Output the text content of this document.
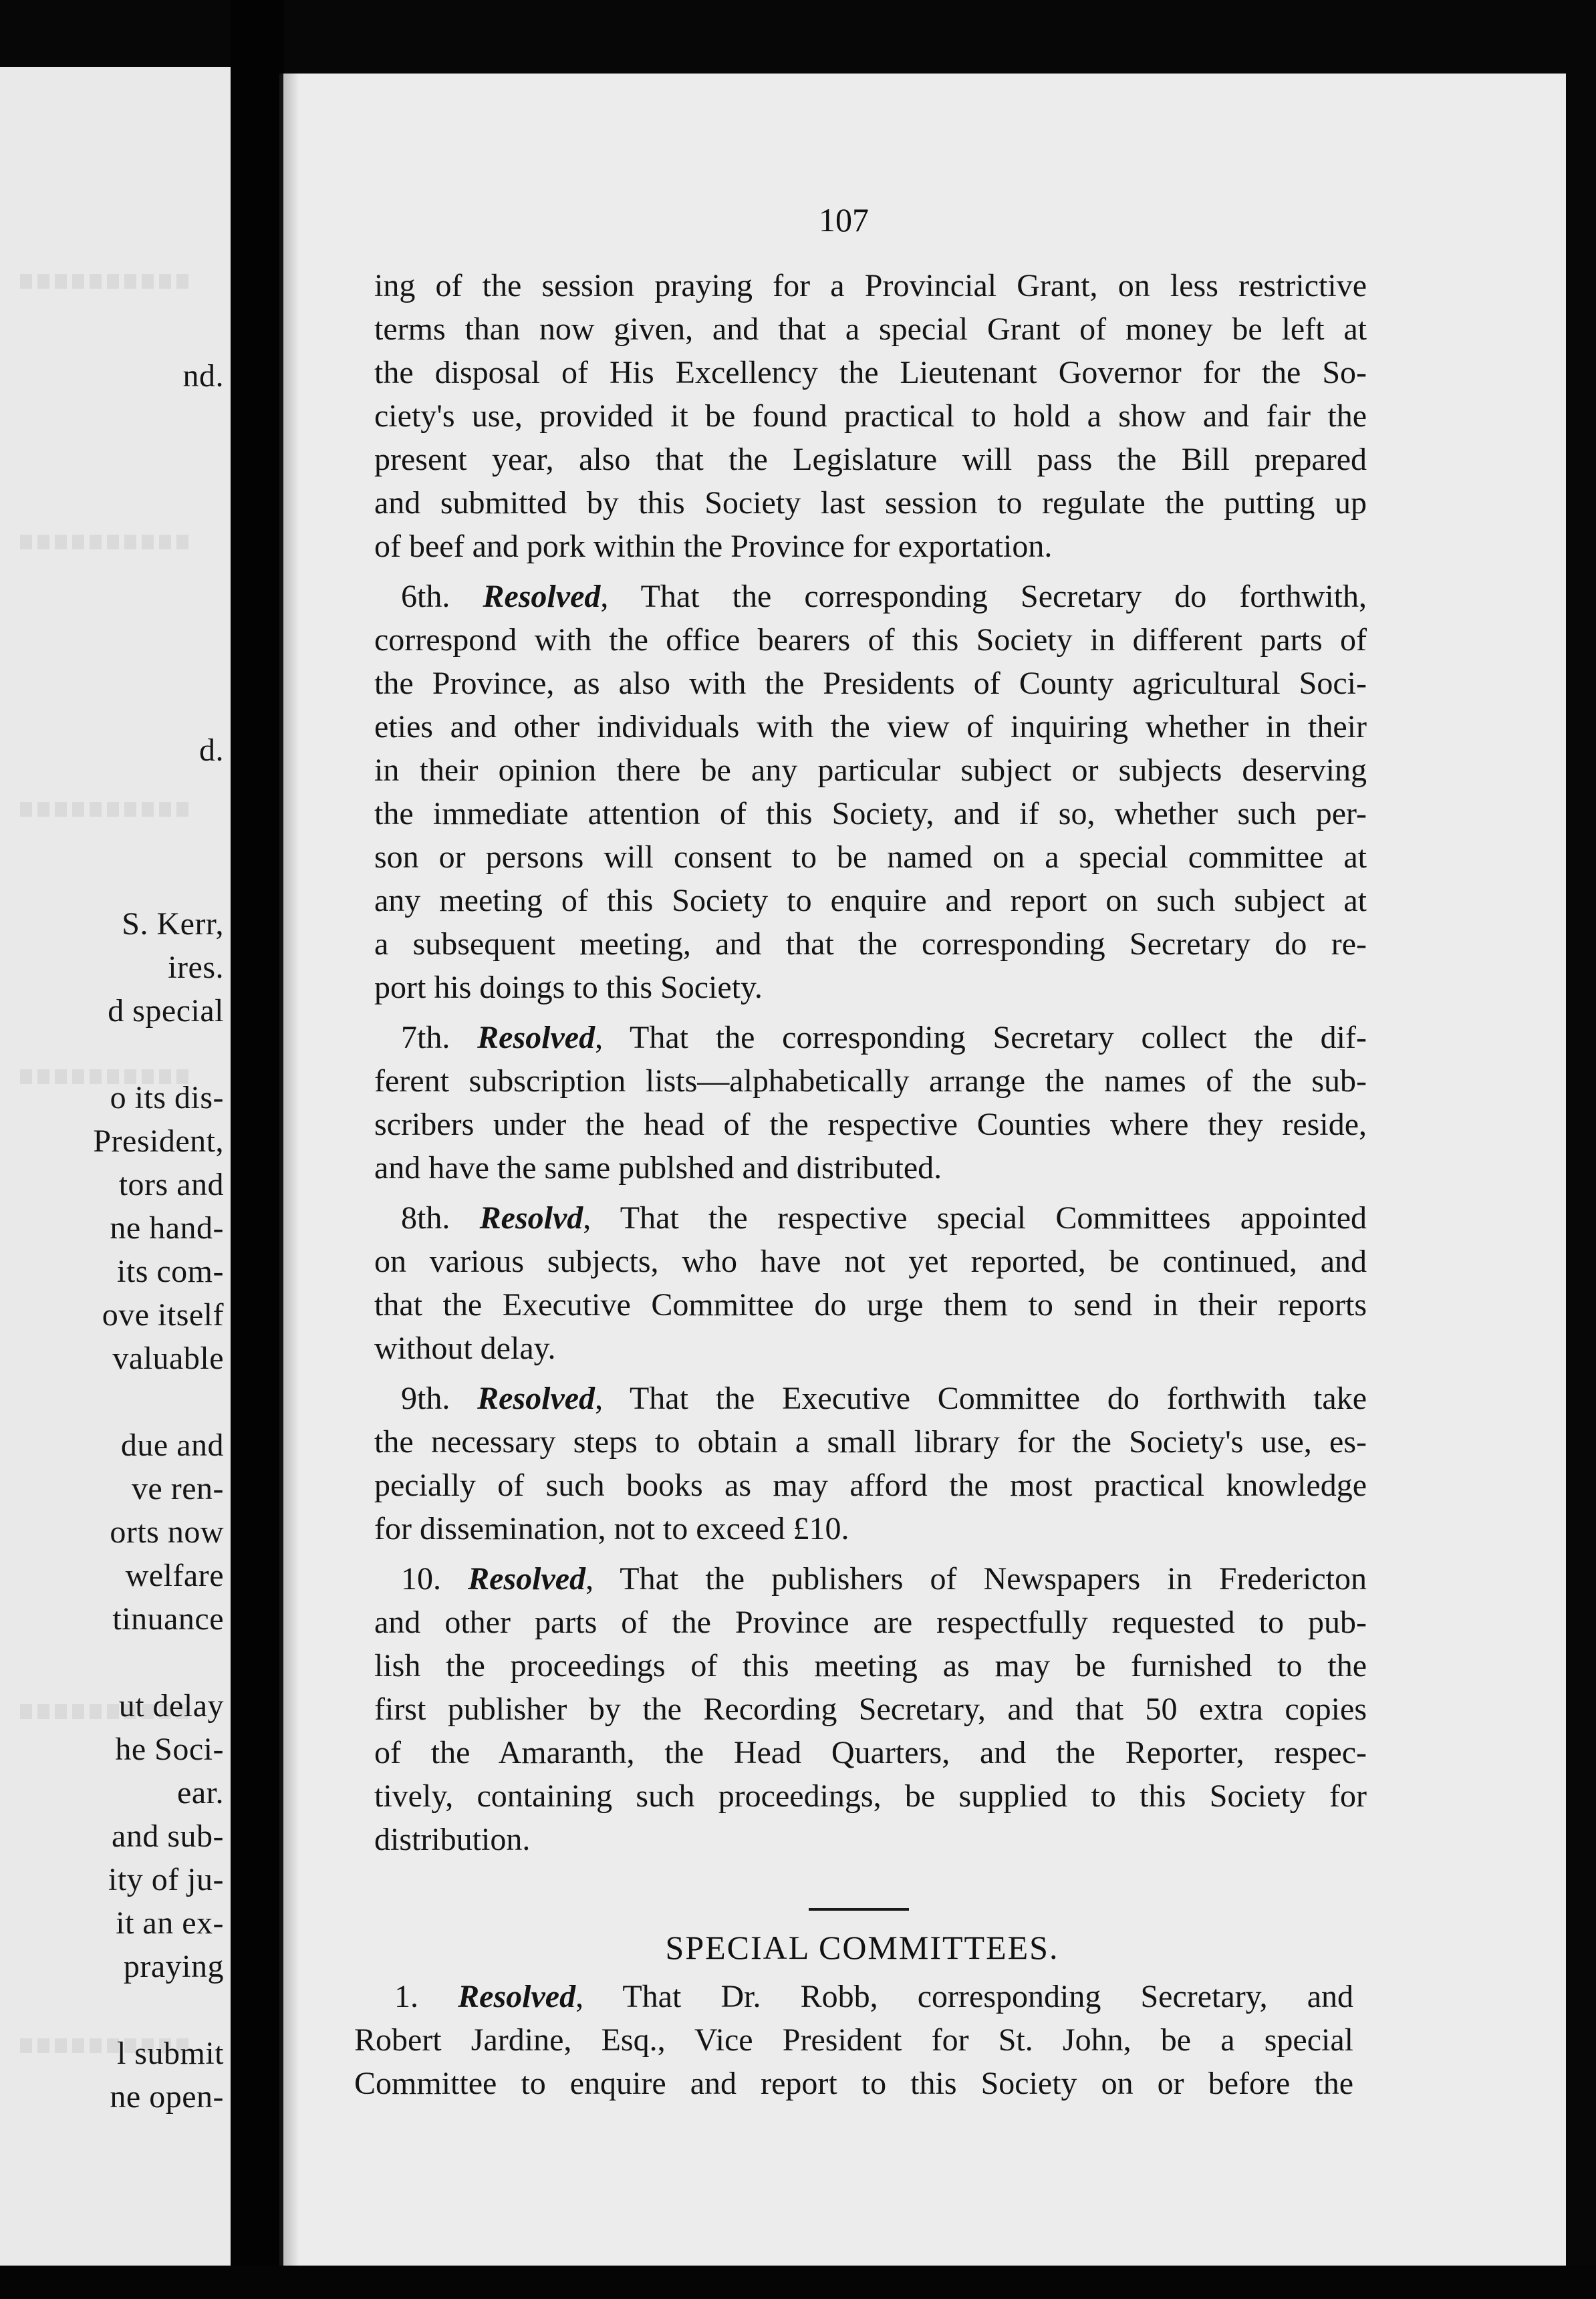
nd.
d.
S. Kerr,
ires.
d special
o its dis-
President,
tors and
ne hand-
its com-
ove itself
valuable
due and
ve ren-
orts now
welfare
tinuance
ut delay
he Soci-
ear.
and sub-
ity of ju-
it an ex-
praying
l submit
ne open-
107
ing of the session praying for a Provincial Grant, on less restrictive
terms than now given, and that a special Grant of money be left at
the disposal of His Excellency the Lieutenant Governor for the So-
ciety's use, provided it be found practical to hold a show and fair the
present year, also that the Legislature will pass the Bill prepared
and submitted by this Society last session to regulate the putting up
of beef and pork within the Province for exportation.
6th. Resolved, That the corresponding Secretary do forthwith,
correspond with the office bearers of this Society in different parts of
the Province, as also with the Presidents of County agricultural Soci-
eties and other individuals with the view of inquiring whether in their
in their opinion there be any particular subject or subjects deserving
the immediate attention of this Society, and if so, whether such per-
son or persons will consent to be named on a special committee at
any meeting of this Society to enquire and report on such subject at
a subsequent meeting, and that the corresponding Secretary do re-
port his doings to this Society.
7th. Resolved, That the corresponding Secretary collect the dif-
ferent subscription lists—alphabetically arrange the names of the sub-
scribers under the head of the respective Counties where they reside,
and have the same publshed and distributed.
8th. Resolvd, That the respective special Committees appointed
on various subjects, who have not yet reported, be continued, and
that the Executive Committee do urge them to send in their reports
without delay.
9th. Resolved, That the Executive Committee do forthwith take
the necessary steps to obtain a small library for the Society's use, es-
pecially of such books as may afford the most practical knowledge
for dissemination, not to exceed £10.
10. Resolved, That the publishers of Newspapers in Fredericton
and other parts of the Province are respectfully requested to pub-
lish the proceedings of this meeting as may be furnished to the
first publisher by the Recording Secretary, and that 50 extra copies
of the Amaranth, the Head Quarters, and the Reporter, respec-
tively, containing such proceedings, be supplied to this Society for
distribution.
SPECIAL COMMITTEES.
1. Resolved, That Dr. Robb, corresponding Secretary, and
Robert Jardine, Esq., Vice President for St. John, be a special
Committee to enquire and report to this Society on or before the
